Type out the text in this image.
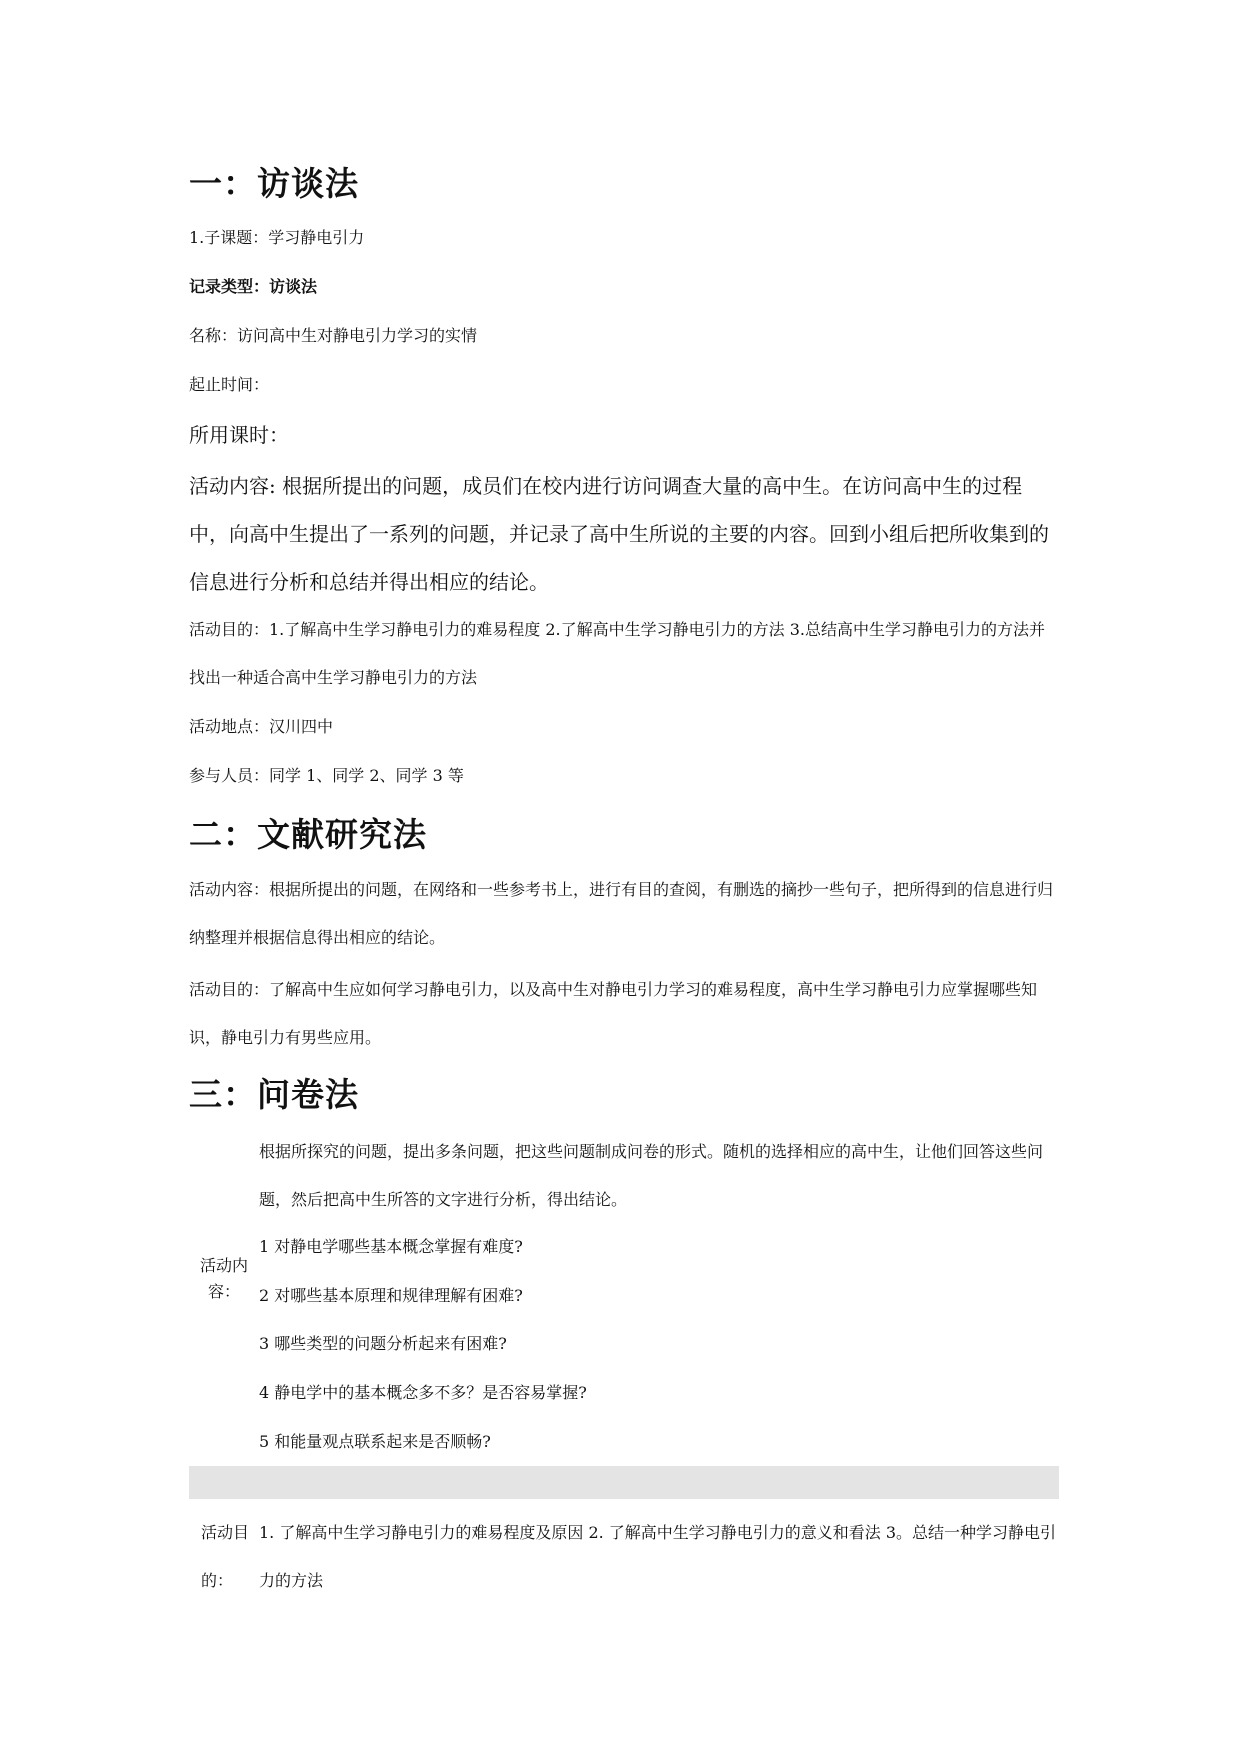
一：访谈法
1.子课题：学习静电引力
记录类型：访谈法
名称：访问高中生对静电引力学习的实情
起止时间：
所用课时：
活动内容: 根据所提出的问题，成员们在校内进行访问调查大量的高中生。在访问高中生的过程中，向高中生提出了一系列的问题，并记录了高中生所说的主要的内容。回到小组后把所收集到的信息进行分析和总结并得出相应的结论。
活动目的：1.了解高中生学习静电引力的难易程度 2.了解高中生学习静电引力的方法 3.总结高中生学习静电引力的方法并找出一种适合高中生学习静电引力的方法
活动地点：汉川四中
参与人员：同学 1、同学 2、同学 3 等
二：文献研究法
活动内容：根据所提出的问题，在网络和一些参考书上，进行有目的查阅，有删选的摘抄一些句子，把所得到的信息进行归纳整理并根据信息得出相应的结论。
活动目的：了解高中生应如何学习静电引力，以及高中生对静电引力学习的难易程度，高中生学习静电引力应掌握哪些知识，静电引力有男些应用。
三：问卷法
根据所探究的问题，提出多条问题，把这些问题制成问卷的形式。随机的选择相应的高中生，让他们回答这些问题，然后把高中生所答的文字进行分析，得出结论。
活动内容：
1 对静电学哪些基本概念掌握有难度?
2 对哪些基本原理和规律理解有困难?
3 哪些类型的问题分析起来有困难?
4 静电学中的基本概念多不多？是否容易掌握?
5 和能量观点联系起来是否顺畅?
活动目的：
1. 了解高中生学习静电引力的难易程度及原因 2. 了解高中生学习静电引力的意义和看法 3。总结一种学习静电引力的方法
